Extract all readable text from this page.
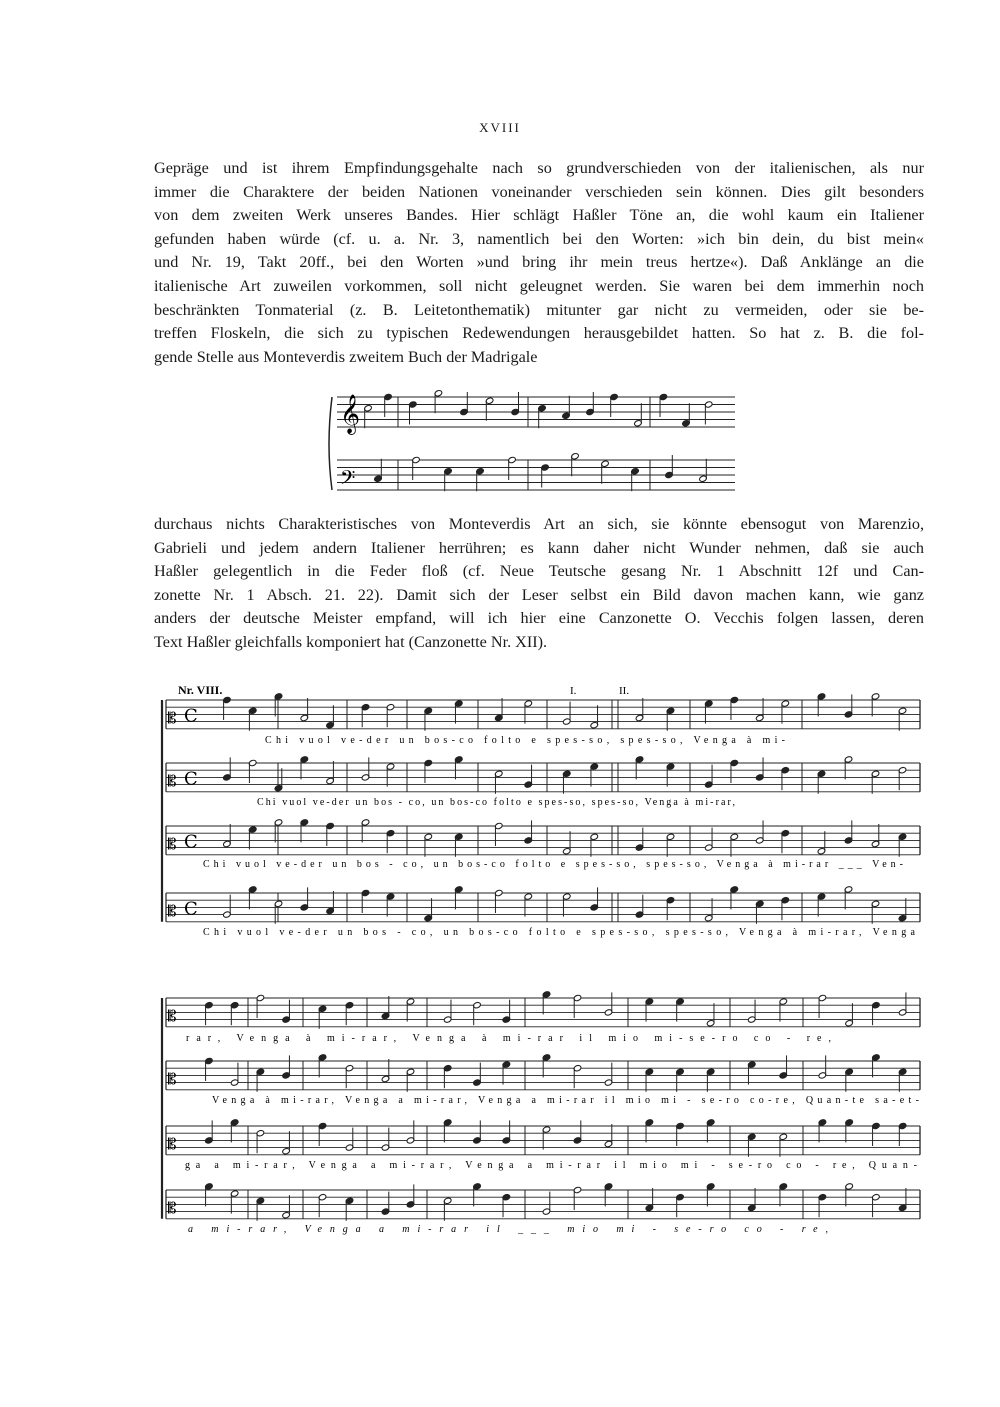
XVIII
Gepräge und ist ihrem Empfindungsgehalte nach so grundverschieden von der italienischen, als nur
immer die Charaktere der beiden Nationen voneinander verschieden sein können. Dies gilt besonders
von dem zweiten Werk unseres Bandes. Hier schlägt Haßler Töne an, die wohl kaum ein Italiener
gefunden haben würde (cf. u. a. Nr. 3, namentlich bei den Worten: »ich bin dein, du bist mein«
und Nr. 19, Takt 20ff., bei den Worten »und bring ihr mein treus hertze«). Daß Anklänge an die
italienische Art zuweilen vorkommen, soll nicht geleugnet werden. Sie waren bei dem immerhin noch
beschränkten Tonmaterial (z. B. Leitetonthematik) mitunter gar nicht zu vermeiden, oder sie be-
treffen Floskeln, die sich zu typischen Redewendungen herausgebildet hatten. So hat z. B. die fol-
gende Stelle aus Monteverdis zweitem Buch der Madrigale
durchaus nichts Charakteristisches von Monteverdis Art an sich, sie könnte ebensogut von Marenzio,
Gabrieli und jedem andern Italiener herrühren; es kann daher nicht Wunder nehmen, daß sie auch
Haßler gelegentlich in die Feder floß (cf. Neue Teutsche gesang Nr. 1 Abschnitt 12f und Can-
zonette Nr. 1 Absch. 21. 22). Damit sich der Leser selbst ein Bild davon machen kann, wie ganz
anders der deutsche Meister empfand, will ich hier eine Canzonette O. Vecchis folgen lassen, deren
Text Haßler gleichfalls komponiert hat (Canzonette Nr. XII).
𝄞
𝄢
Nr. VIII.	I.	II.
Chi vuol ve-der un bos-co folto e spes-so, spes-so, Venga à mi-
Chi vuol ve-der un bos - co, un bos-co folto e spes-so, spes-so, Venga à mi-rar,
Chi vuol ve-der un bos - co, un bos-co folto e spes-so, spes-so, Venga à mi-rar ___ Ven-
Chi vuol ve-der un bos - co, un bos-co folto e spes-so, spes-so, Venga à mi-rar, Venga
rar, Venga à mi-rar, Venga à mi-rar il mio mi-se-ro co - re,
Venga à mi-rar, Venga a mi-rar, Venga a mi-rar il mio mi - se-ro co-re, Quan-te sa-et-
ga a mi-rar, Venga a mi-rar, Venga a mi-rar il mio mi - se-ro co - re, Quan-
a mi-rar, Venga a mi-rar il ___ mio mi - se-ro co - re,
𝄡 C
𝄡 C
𝄡 C
𝄡 C
𝄡
𝄡
𝄡
𝄡
